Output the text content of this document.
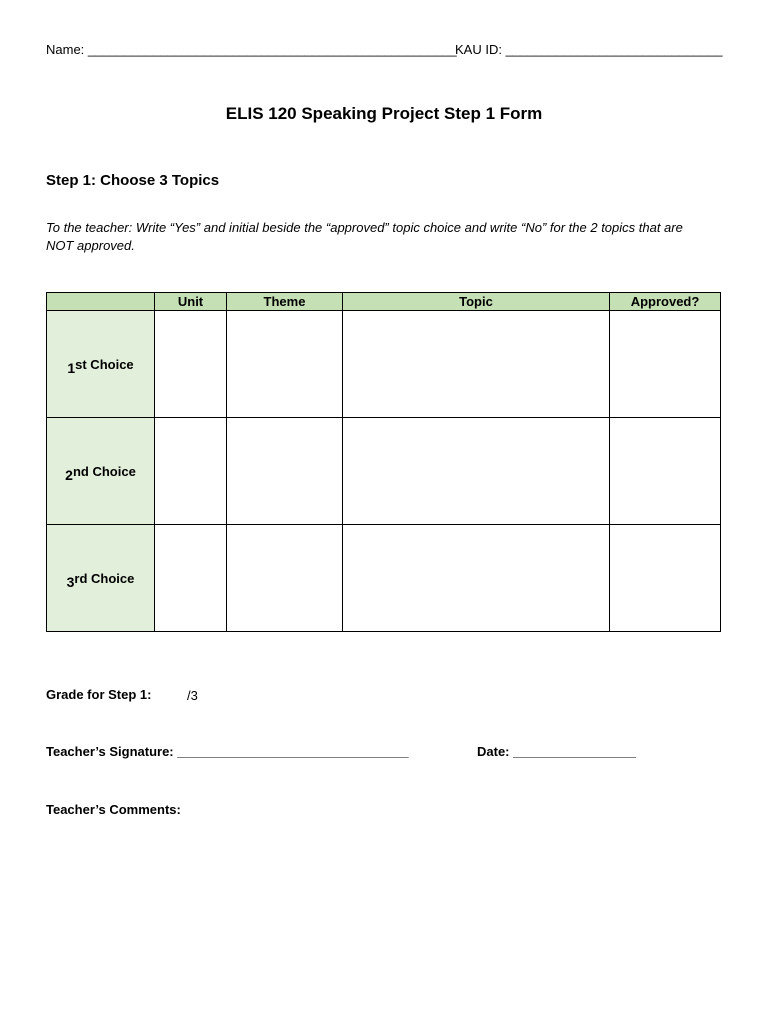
Name: ___________________________________________________
KAU ID: ______________________________
ELIS 120 Speaking Project Step 1 Form
Step 1: Choose 3 Topics
To the teacher: Write “Yes” and initial beside the “approved” topic choice and write “No” for the 2 topics that are NOT approved.
	Unit	Theme	Topic	Approved?
1st Choice				
2nd Choice				
3rd Choice				
Grade for Step 1:	/3
Teacher’s Signature: ________________________________	Date: _________________
Teacher’s Comments:
